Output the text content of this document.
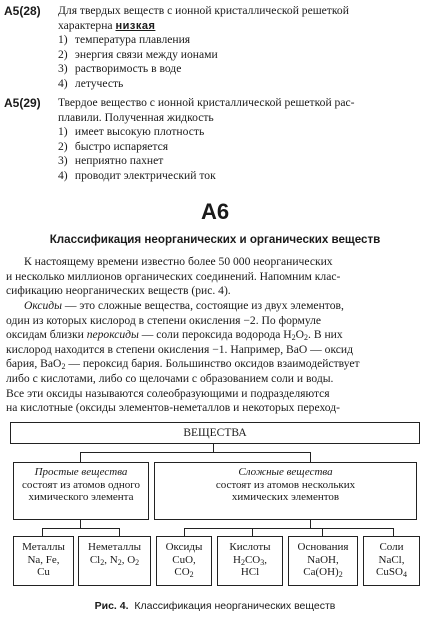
A5(28) Для твердых веществ с ионной кристаллической решеткой
характерна низкая
1) температура плавления
2) энергия связи между ионами
3) растворимость в воде
4) летучесть
A5(29) Твердое вещество с ионной кристаллической решеткой рас-
плавили. Полученная жидкость
1) имеет высокую плотность
2) быстро испаряется
3) неприятно пахнет
4) проводит электрический ток
А6
Классификация неорганических и органических веществ

К настоящему времени известно более 50 000 неорганических
и несколько миллионов органических соединений. Напомним клас-
сификацию неорганических веществ (рис. 4).

Оксиды — это сложные вещества, состоящие из двух элементов,
один из которых кислород в степени окисления −2. По формуле
оксидам близки пероксиды — соли пероксида водорода $H_2O_2$. В них
кислород находится в степени окисления −1. Например, BaO — оксид
бария, BaO$_2$ — пероксид бария. Большинство оксидов взаимодействует
либо с кислотами, либо со щелочами с образованием соли и воды.
Все эти оксиды называются солеобразующими и подразделяются
на кислотные (оксиды элементов-неметаллов и некоторых переход-

ВЕЩЕСТВА
Простые вещества
состоят из атомов одного химического элемента
Сложные вещества
состоят из атомов нескольких химических элементов
Металлы
Na, Fe, Cu
Неметаллы
$Cl_2$, $N_2$, $O_2$
Оксиды
CuO,
$CO_2$
Кислоты
$H_2CO_3$,
HCl
Основания
NaOH,
$Ca(OH)_2$
Соли
NaCl,
CuSO$_4$
Рис. 4. Классификация неорганических веществ
